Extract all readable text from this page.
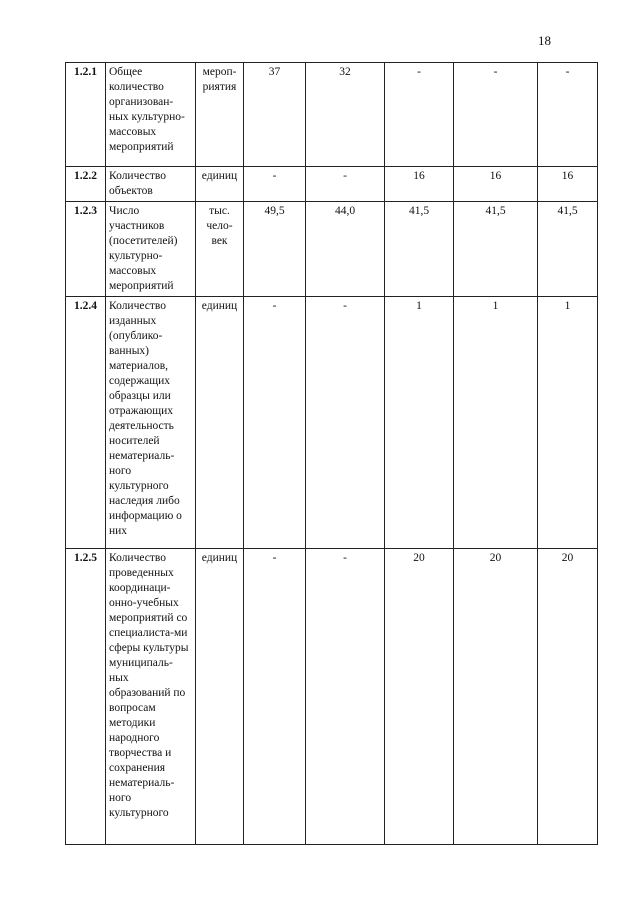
18
1.2.1	Общее количество организован-ных культурно-массовых мероприятий	мероп-риятия	37	32	-	-	-
1.2.2	Количество объектов	единиц	-	-	16	16	16
1.2.3	Число участников (посетителей) культурно-массовых мероприятий	тыс. чело-век	49,5	44,0	41,5	41,5	41,5
1.2.4	Количество изданных (опублико-ванных) материалов, содержащих образцы или отражающих деятельность носителей нематериаль-ного культурного наследия либо информацию о них	единиц	-	-	1	1	1
1.2.5	Количество проведенных координаци-онно-учебных мероприятий со специалиста-ми сферы культуры муниципаль-ных образований по вопросам методики народного творчества и сохранения нематериаль-ного культурного	единиц	-	-	20	20	20
